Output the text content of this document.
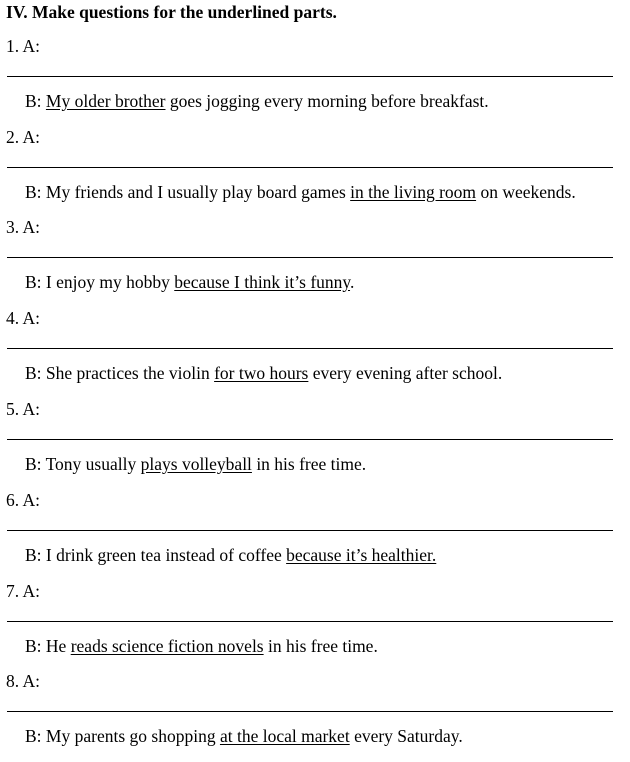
IV. Make questions for the underlined parts.
1. A:
B: My older brother goes jogging every morning before breakfast.
2. A:
B: My friends and I usually play board games in the living room on weekends.
3. A:
B: I enjoy my hobby because I think it’s funny.
4. A:
B: She practices the violin for two hours every evening after school.
5. A:
B: Tony usually plays volleyball in his free time.
6. A:
B: I drink green tea instead of coffee because it’s healthier.
7. A:
B: He reads science fiction novels in his free time.
8. A:
B: My parents go shopping at the local market every Saturday.
